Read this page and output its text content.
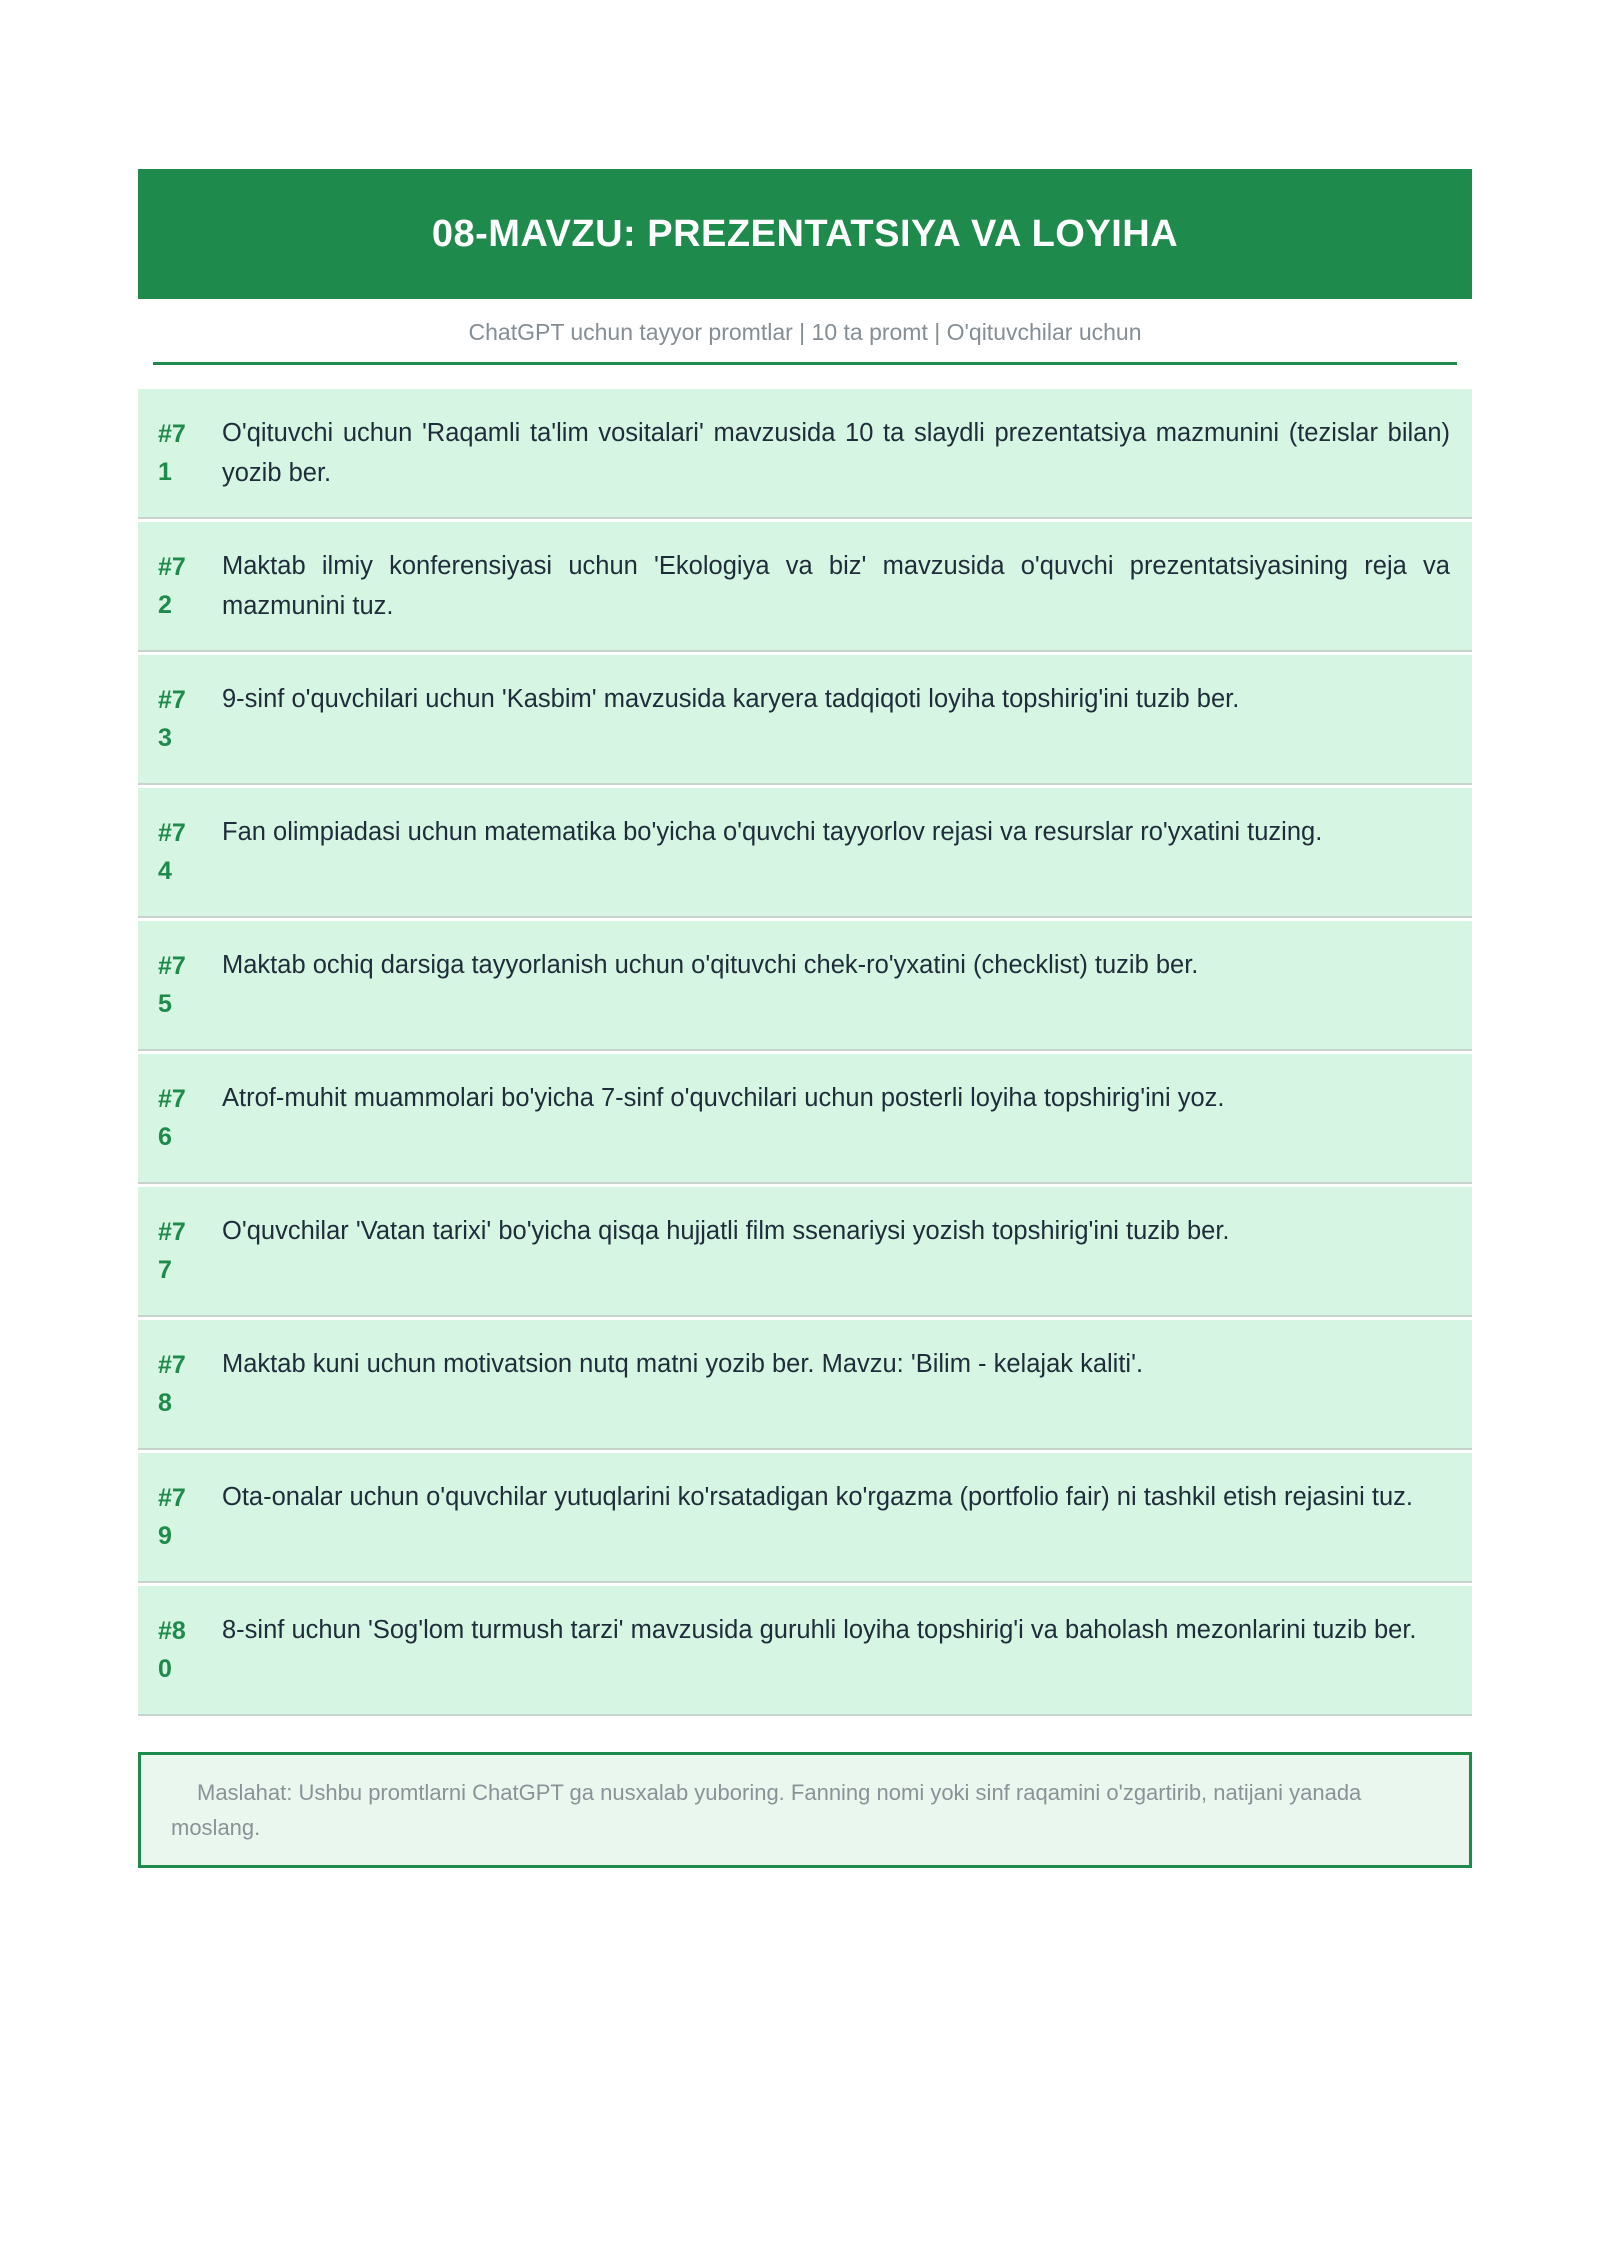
08-MAVZU: PREZENTATSIYA VA LOYIHA
ChatGPT uchun tayyor promtlar | 10 ta promt | O'qituvchilar uchun
#71
O'qituvchi uchun 'Raqamli ta'lim vositalari' mavzusida 10 ta slaydli prezentatsiya mazmunini (tezislar bilan) yozib ber.
#72
Maktab ilmiy konferensiyasi uchun 'Ekologiya va biz' mavzusida o'quvchi prezentatsiyasining reja va mazmunini tuz.
#73
9-sinf o'quvchilari uchun 'Kasbim' mavzusida karyera tadqiqoti loyiha topshirig'ini tuzib ber.
#74
Fan olimpiadasi uchun matematika bo'yicha o'quvchi tayyorlov rejasi va resurslar ro'yxatini tuzing.
#75
Maktab ochiq darsiga tayyorlanish uchun o'qituvchi chek-ro'yxatini (checklist) tuzib ber.
#76
Atrof-muhit muammolari bo'yicha 7-sinf o'quvchilari uchun posterli loyiha topshirig'ini yoz.
#77
O'quvchilar 'Vatan tarixi' bo'yicha qisqa hujjatli film ssenariysi yozish topshirig'ini tuzib ber.
#78
Maktab kuni uchun motivatsion nutq matni yozib ber. Mavzu: 'Bilim - kelajak kaliti'.
#79
Ota-onalar uchun o'quvchilar yutuqlarini ko'rsatadigan ko'rgazma (portfolio fair) ni tashkil etish rejasini tuz.
#80
8-sinf uchun 'Sog'lom turmush tarzi' mavzusida guruhli loyiha topshirig'i va baholash mezonlarini tuzib ber.
Maslahat: Ushbu promtlarni ChatGPT ga nusxalab yuboring. Fanning nomi yoki sinf raqamini o'zgartirib, natijani yanada moslang.
